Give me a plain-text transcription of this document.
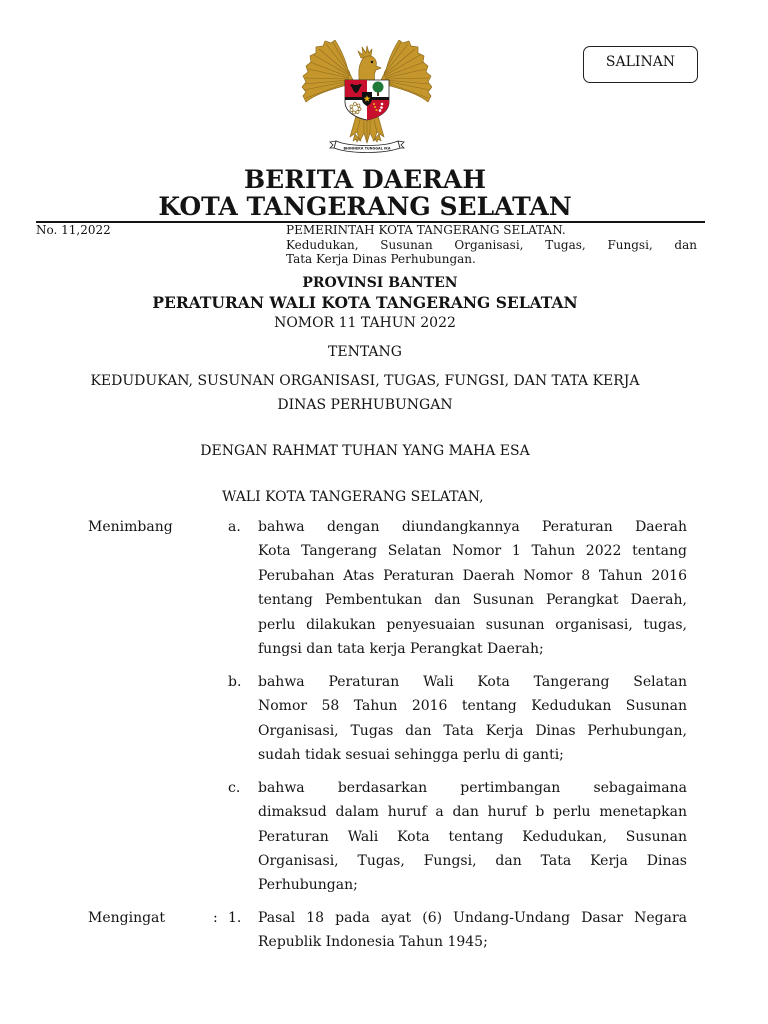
BHINNEKA TUNGGAL IKA
SALINAN
BERITA DAERAH
KOTA TANGERANG SELATAN
No. 11,2022	PEMERINTAH KOTA TANGERANG SELATAN.
Kedudukan, Susunan Organisasi, Tugas, Fungsi, dan
Tata Kerja Dinas Perhubungan.
PROVINSI BANTEN
PERATURAN WALI KOTA TANGERANG SELATAN
NOMOR 11 TAHUN 2022
TENTANG
KEDUDUKAN, SUSUNAN ORGANISASI, TUGAS, FUNGSI, DAN TATA KERJA
DINAS PERHUBUNGAN
DENGAN RAHMAT TUHAN YANG MAHA ESA
WALI KOTA TANGERANG SELATAN,
Menimbang	a. bahwa dengan diundangkannya Peraturan Daerah
Kota Tangerang Selatan Nomor 1 Tahun 2022 tentang
Perubahan Atas Peraturan Daerah Nomor 8 Tahun 2016
tentang Pembentukan dan Susunan Perangkat Daerah,
perlu dilakukan penyesuaian susunan organisasi, tugas,
fungsi dan tata kerja Perangkat Daerah;
b. bahwa Peraturan Wali Kota Tangerang Selatan
Nomor 58 Tahun 2016 tentang Kedudukan Susunan
Organisasi, Tugas dan Tata Kerja Dinas Perhubungan,
sudah tidak sesuai sehingga perlu di ganti;
c. bahwa berdasarkan pertimbangan sebagaimana
dimaksud dalam huruf a dan huruf b perlu menetapkan
Peraturan Wali Kota tentang Kedudukan, Susunan
Organisasi, Tugas, Fungsi, dan Tata Kerja Dinas
Perhubungan;
Mengingat	: 1. Pasal 18 pada ayat (6) Undang-Undang Dasar Negara
Republik Indonesia Tahun 1945;
